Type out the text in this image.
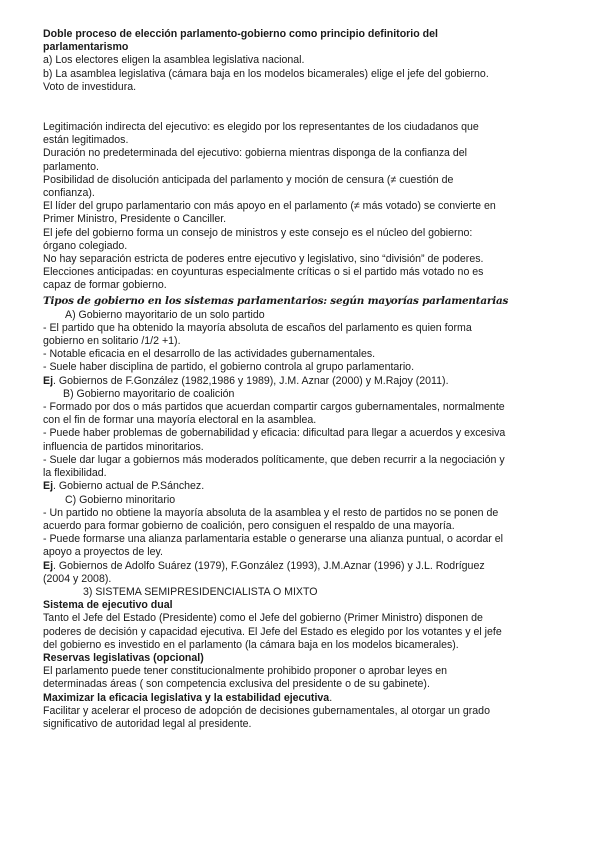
Doble proceso de elección parlamento-gobierno como principio definitorio del
parlamentarismo
a) Los electores eligen la asamblea legislativa nacional.
b) La asamblea legislativa (cámara baja en los modelos bicamerales) elige el jefe del gobierno.
Voto de investidura.
Legitimación indirecta del ejecutivo: es elegido por los representantes de los ciudadanos que
están legitimados.
Duración no predeterminada del ejecutivo: gobierna mientras disponga de la confianza del
parlamento.
Posibilidad de disolución anticipada del parlamento y moción de censura (≠ cuestión de
confianza).
El líder del grupo parlamentario con más apoyo en el parlamento (≠ más votado) se convierte en
Primer Ministro, Presidente o Canciller.
El jefe del gobierno forma un consejo de ministros y este consejo es el núcleo del gobierno:
órgano colegiado.
No hay separación estricta de poderes entre ejecutivo y legislativo, sino “división” de poderes.
Elecciones anticipadas: en coyunturas especialmente críticas o si el partido más votado no es
capaz de formar gobierno.
Tipos de gobierno en los sistemas parlamentarios: según mayorías parlamentarias
A) Gobierno mayoritario de un solo partido
- El partido que ha obtenido la mayoría absoluta de escaños del parlamento es quien forma
gobierno en solitario /1/2 +1).
- Notable eficacia en el desarrollo de las actividades gubernamentales.
- Suele haber disciplina de partido, el gobierno controla al grupo parlamentario.
Ej. Gobiernos de F.González (1982,1986 y 1989), J.M. Aznar (2000) y M.Rajoy (2011).
B) Gobierno mayoritario de coalición
- Formado por dos o más partidos que acuerdan compartir cargos gubernamentales, normalmente
con el fin de formar una mayoría electoral en la asamblea.
- Puede haber problemas de gobernabilidad y eficacia: dificultad para llegar a acuerdos y excesiva
influencia de partidos minoritarios.
- Suele dar lugar a gobiernos más moderados políticamente, que deben recurrir a la negociación y
la flexibilidad.
Ej. Gobierno actual de P.Sánchez.
C) Gobierno minoritario
- Un partido no obtiene la mayoría absoluta de la asamblea y el resto de partidos no se ponen de
acuerdo para formar gobierno de coalición, pero consiguen el respaldo de una mayoría.
- Puede formarse una alianza parlamentaria estable o generarse una alianza puntual, o acordar el
apoyo a proyectos de ley.
Ej. Gobiernos de Adolfo Suárez (1979), F.González (1993), J.M.Aznar (1996) y J.L. Rodríguez
(2004 y 2008).
3) SISTEMA SEMIPRESIDENCIALISTA O MIXTO
Sistema de ejecutivo dual
Tanto el Jefe del Estado (Presidente) como el Jefe del gobierno (Primer Ministro) disponen de
poderes de decisión y capacidad ejecutiva. El Jefe del Estado es elegido por los votantes y el jefe
del gobierno es investido en el parlamento (la cámara baja en los modelos bicamerales).
Reservas legislativas (opcional)
El parlamento puede tener constitucionalmente prohibido proponer o aprobar leyes en
determinadas áreas ( son competencia exclusiva del presidente o de su gabinete).
Maximizar la eficacia legislativa y la estabilidad ejecutiva.
Facilitar y acelerar el proceso de adopción de decisiones gubernamentales, al otorgar un grado
significativo de autoridad legal al presidente.
